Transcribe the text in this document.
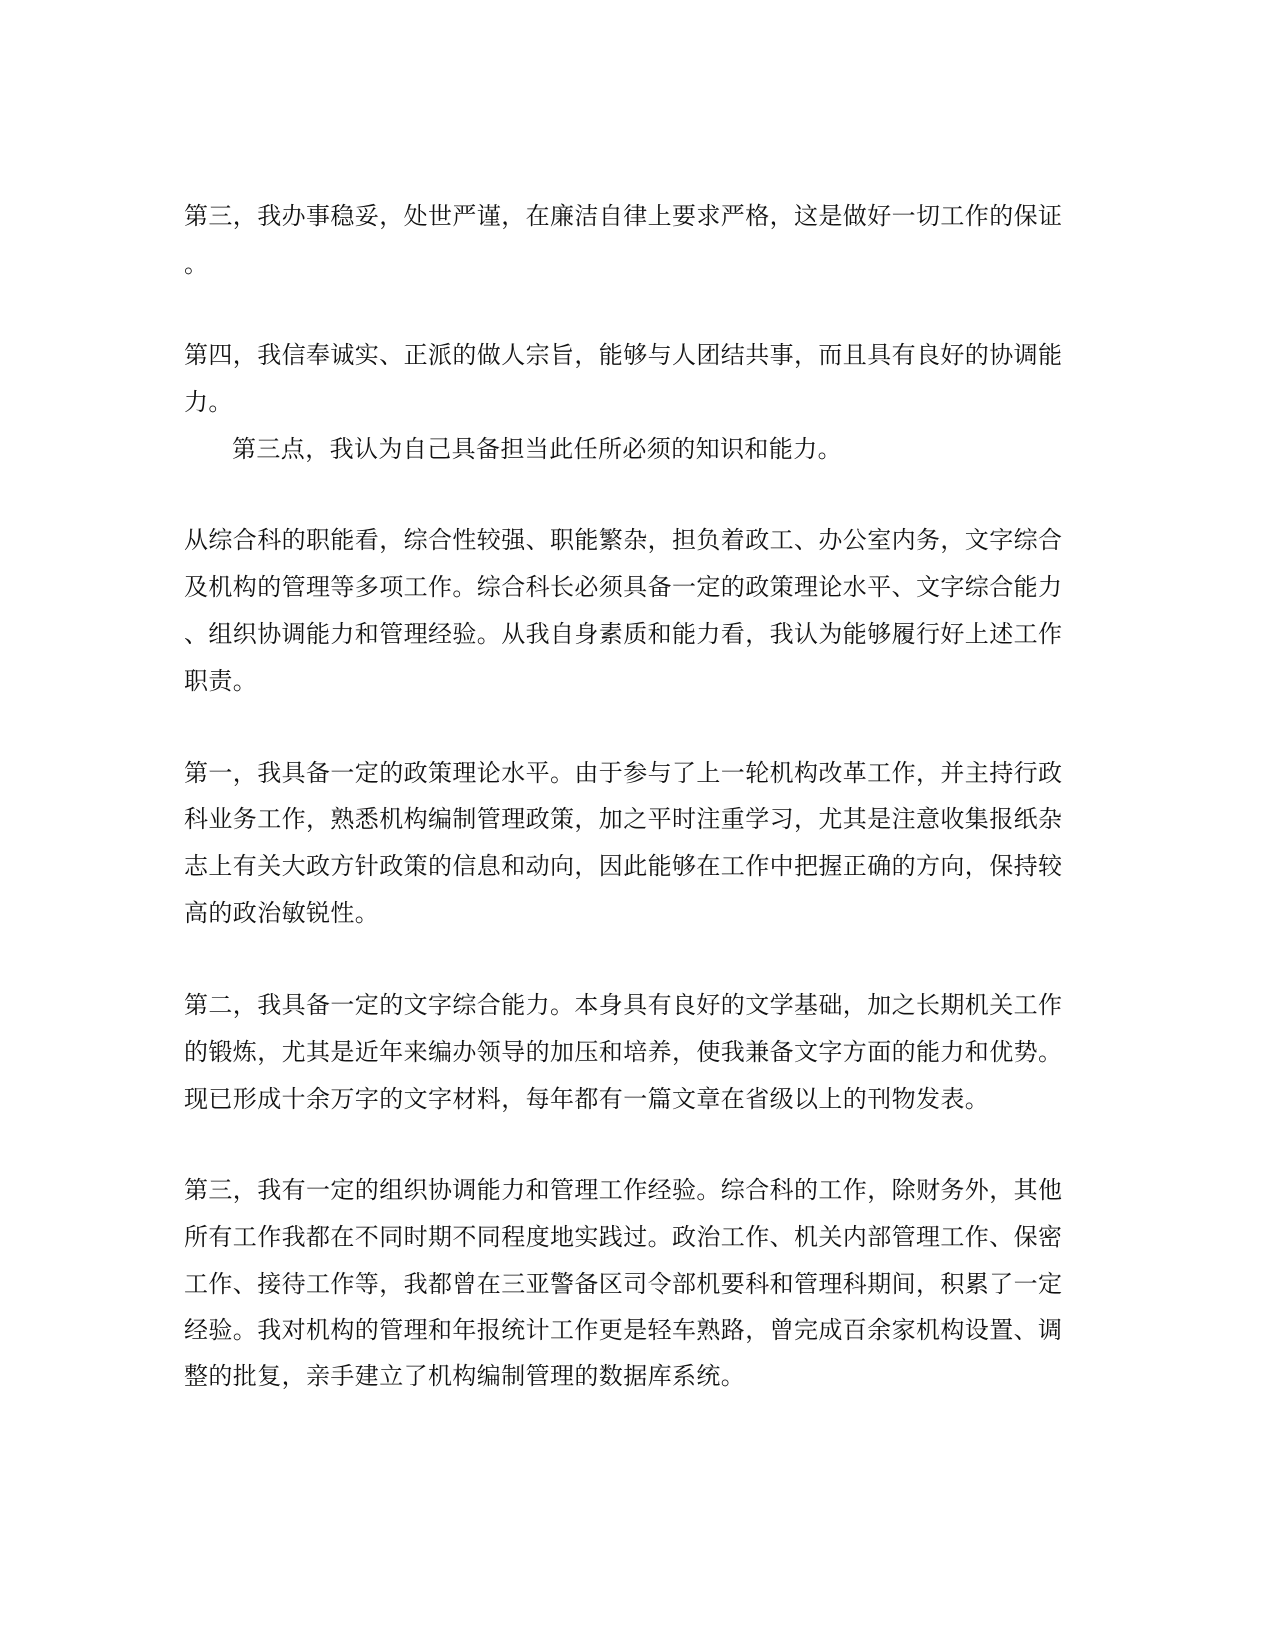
第三，我办事稳妥，处世严谨，在廉洁自律上要求严格，这是做好一切工作的保证
。
第四，我信奉诚实、正派的做人宗旨，能够与人团结共事，而且具有良好的协调能
力。
第三点，我认为自己具备担当此任所必须的知识和能力。
从综合科的职能看，综合性较强、职能繁杂，担负着政工、办公室内务，文字综合
及机构的管理等多项工作。综合科长必须具备一定的政策理论水平、文字综合能力
、组织协调能力和管理经验。从我自身素质和能力看，我认为能够履行好上述工作
职责。
第一，我具备一定的政策理论水平。由于参与了上一轮机构改革工作，并主持行政
科业务工作，熟悉机构编制管理政策，加之平时注重学习，尤其是注意收集报纸杂
志上有关大政方针政策的信息和动向，因此能够在工作中把握正确的方向，保持较
高的政治敏锐性。
第二，我具备一定的文字综合能力。本身具有良好的文学基础，加之长期机关工作
的锻炼，尤其是近年来编办领导的加压和培养，使我兼备文字方面的能力和优势。
现已形成十余万字的文字材料，每年都有一篇文章在省级以上的刊物发表。
第三，我有一定的组织协调能力和管理工作经验。综合科的工作，除财务外，其他
所有工作我都在不同时期不同程度地实践过。政治工作、机关内部管理工作、保密
工作、接待工作等，我都曾在三亚警备区司令部机要科和管理科期间，积累了一定
经验。我对机构的管理和年报统计工作更是轻车熟路，曾完成百余家机构设置、调
整的批复，亲手建立了机构编制管理的数据库系统。
